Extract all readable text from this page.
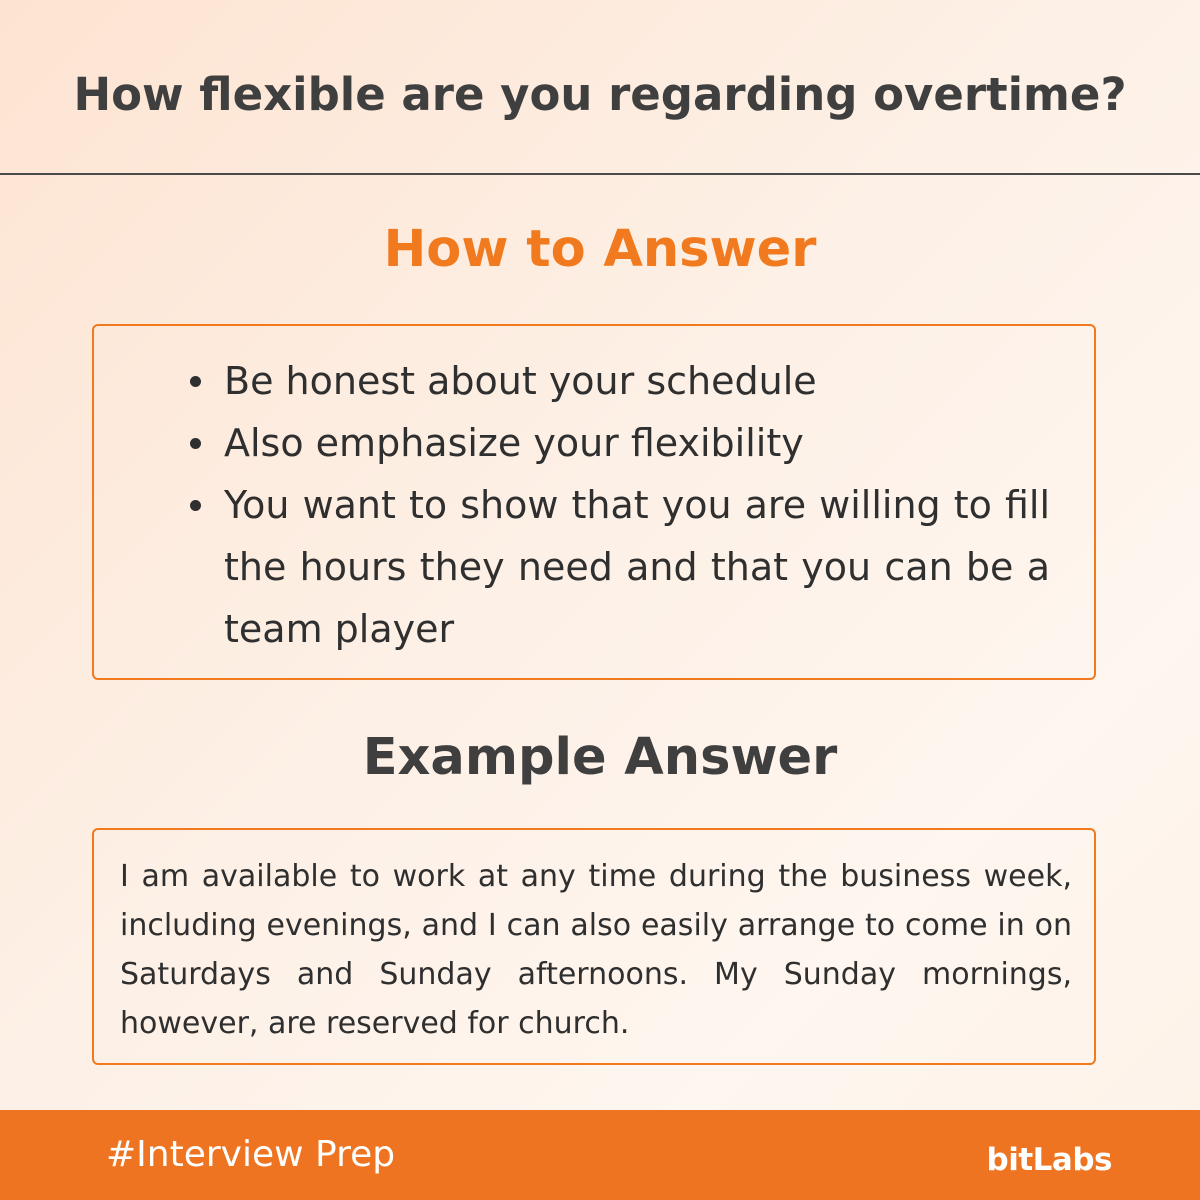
How flexible are you regarding overtime?
How to Answer
Be honest about your schedule
Also emphasize your flexibility
You want to show that you are willing to fill the hours they need and that you can be a team player
Example Answer

I am available to work at any time during the business week, including evenings, and I can also easily arrange to come in on Saturdays and Sunday afternoons. My Sunday mornings, however, are reserved for church.

#Interview Prep	bitLabs
